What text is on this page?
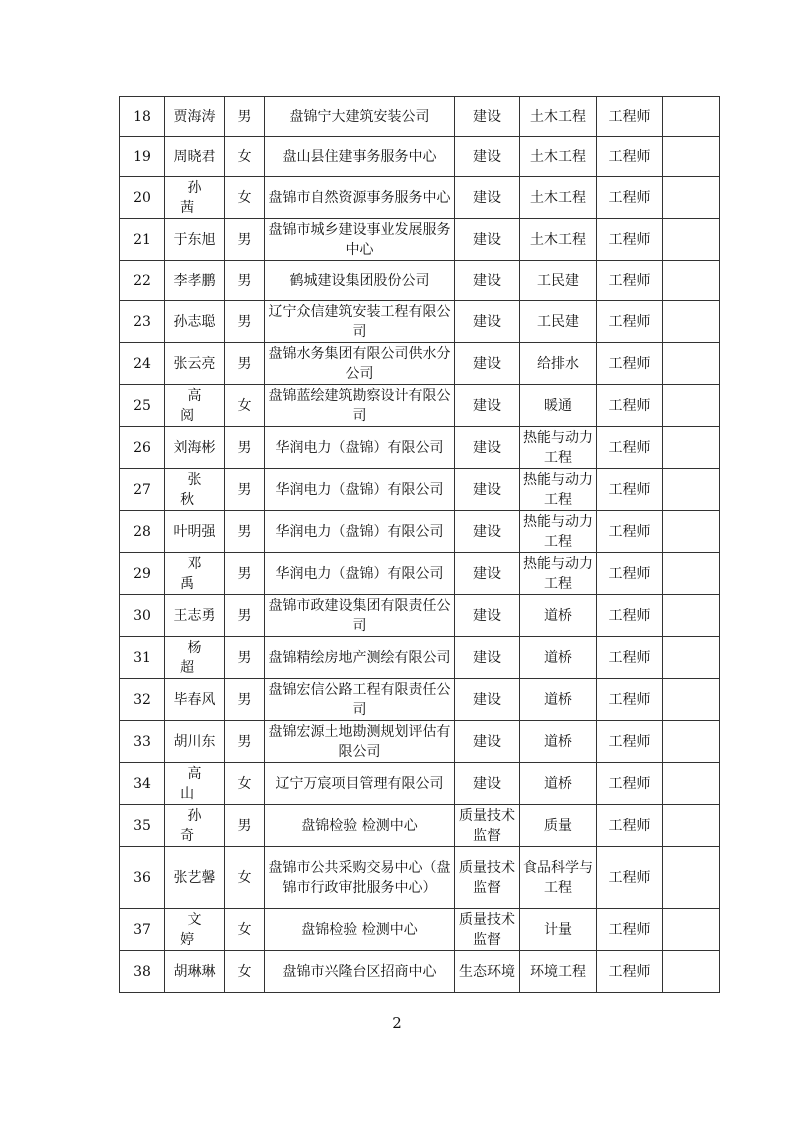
18	贾海涛	男	盘锦宁大建筑安装公司	建设	土木工程	工程师	
19	周晓君	女	盘山县住建事务服务中心	建设	土木工程	工程师	
20	孙茜	女	盘锦市自然资源事务服务中心	建设	土木工程	工程师	
21	于东旭	男	盘锦市城乡建设事业发展服务中心	建设	土木工程	工程师	
22	李孝鹏	男	鹤城建设集团股份公司	建设	工民建	工程师	
23	孙志聪	男	辽宁众信建筑安装工程有限公司	建设	工民建	工程师	
24	张云亮	男	盘锦水务集团有限公司供水分公司	建设	给排水	工程师	
25	高阅	女	盘锦蓝绘建筑勘察设计有限公司	建设	暖通	工程师	
26	刘海彬	男	华润电力（盘锦）有限公司	建设	热能与动力工程	工程师	
27	张秋	男	华润电力（盘锦）有限公司	建设	热能与动力工程	工程师	
28	叶明强	男	华润电力（盘锦）有限公司	建设	热能与动力工程	工程师	
29	邓禹	男	华润电力（盘锦）有限公司	建设	热能与动力工程	工程师	
30	王志勇	男	盘锦市政建设集团有限责任公司	建设	道桥	工程师	
31	杨超	男	盘锦精绘房地产测绘有限公司	建设	道桥	工程师	
32	毕春风	男	盘锦宏信公路工程有限责任公司	建设	道桥	工程师	
33	胡川东	男	盘锦宏源土地勘测规划评估有限公司	建设	道桥	工程师	
34	高山	女	辽宁万宸项目管理有限公司	建设	道桥	工程师	
35	孙奇	男	盘锦检验 检测中心	质量技术监督	质量	工程师	
36	张艺馨	女	盘锦市公共采购交易中心（盘锦市行政审批服务中心）	质量技术监督	食品科学与工程	工程师	
37	文婷	女	盘锦检验 检测中心	质量技术监督	计量	工程师	
38	胡琳琳	女	盘锦市兴隆台区招商中心	生态环境	环境工程	工程师	
2
